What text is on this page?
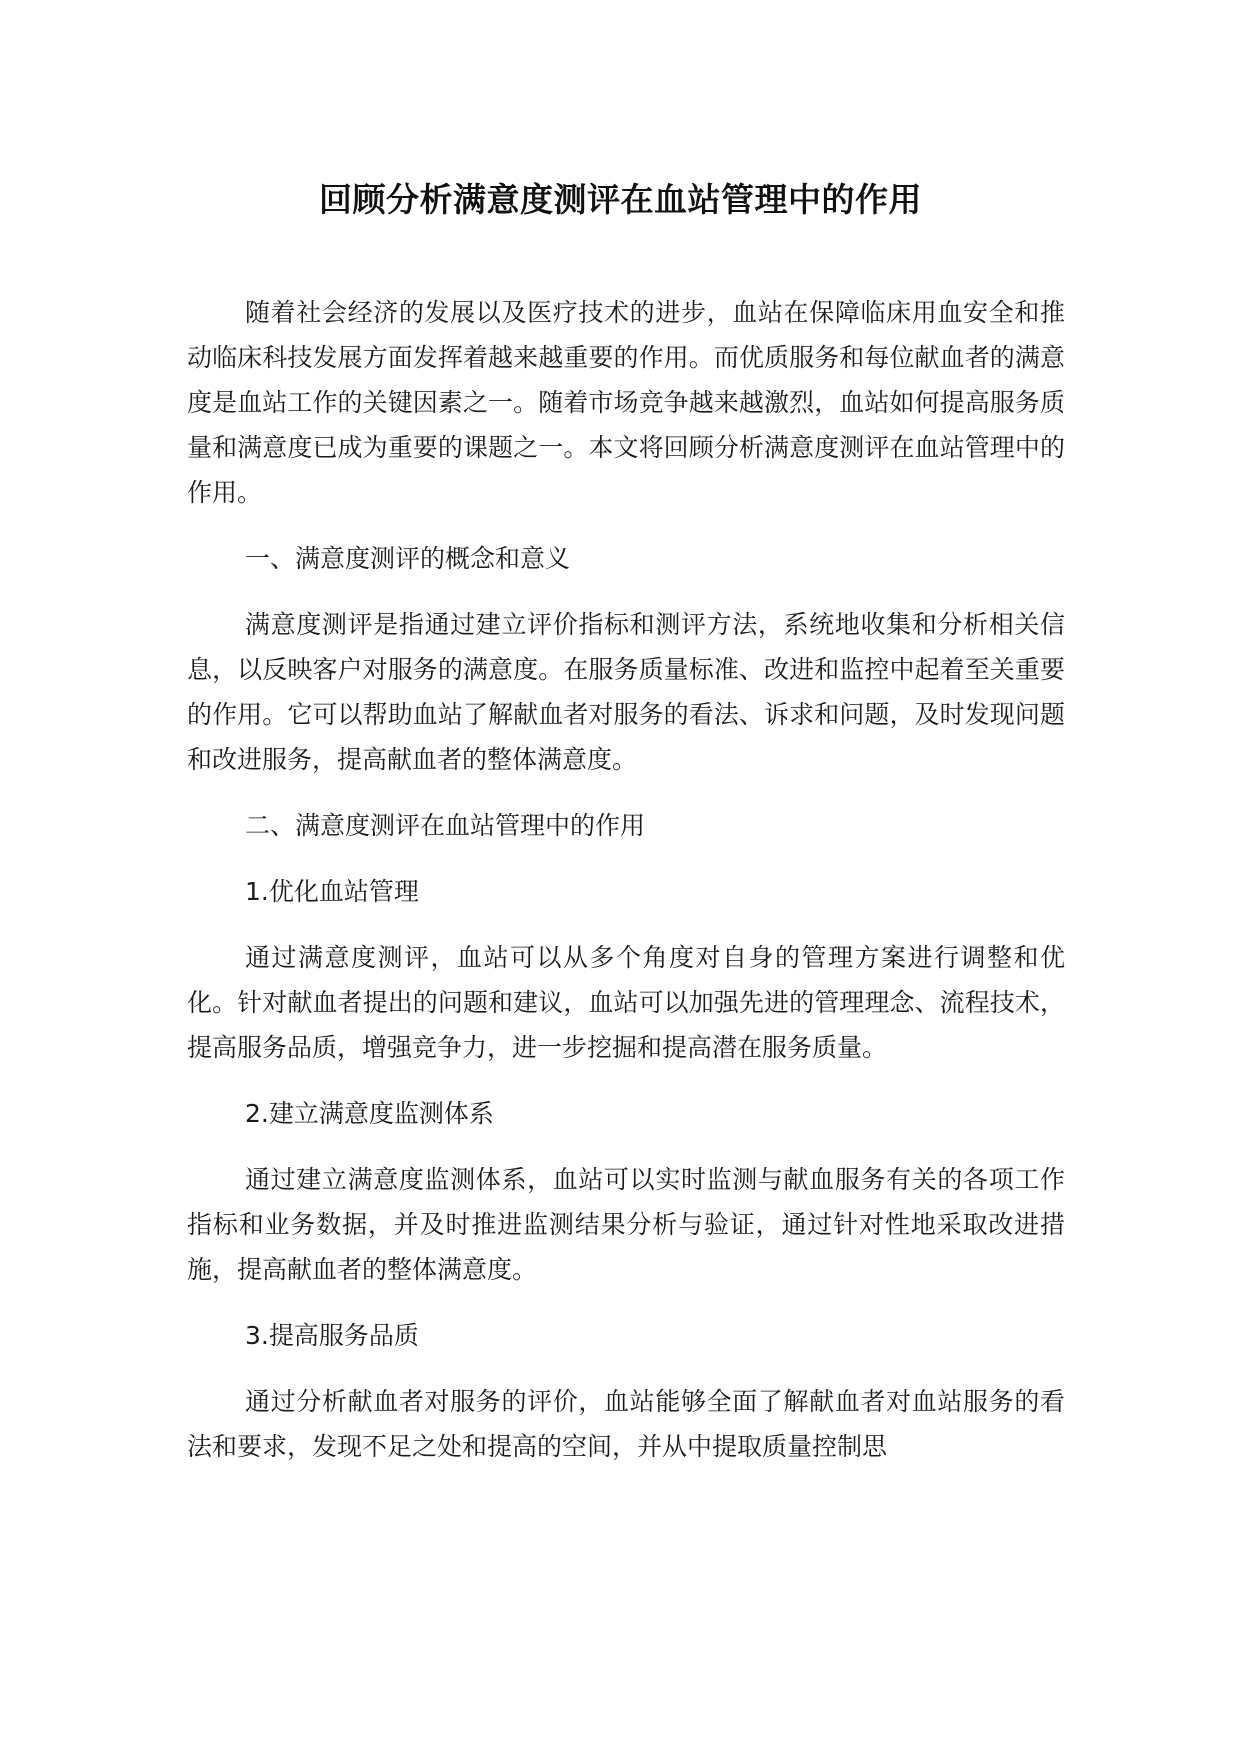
回顾分析满意度测评在血站管理中的作用

随着社会经济的发展以及医疗技术的进步，血站在保障临床用血安全和推动临床科技发展方面发挥着越来越重要的作用。而优质服务和每位献血者的满意度是血站工作的关键因素之一。随着市场竞争越来越激烈，血站如何提高服务质量和满意度已成为重要的课题之一。本文将回顾分析满意度测评在血站管理中的作用。

一、满意度测评的概念和意义

满意度测评是指通过建立评价指标和测评方法，系统地收集和分析相关信息，以反映客户对服务的满意度。在服务质量标准、改进和监控中起着至关重要的作用。它可以帮助血站了解献血者对服务的看法、诉求和问题，及时发现问题和改进服务，提高献血者的整体满意度。

二、满意度测评在血站管理中的作用

1.优化血站管理

通过满意度测评，血站可以从多个角度对自身的管理方案进行调整和优化。针对献血者提出的问题和建议，血站可以加强先进的管理理念、流程技术，提高服务品质，增强竞争力，进一步挖掘和提高潜在服务质量。

2.建立满意度监测体系

通过建立满意度监测体系，血站可以实时监测与献血服务有关的各项工作指标和业务数据，并及时推进监测结果分析与验证，通过针对性地采取改进措施，提高献血者的整体满意度。

3.提高服务品质

通过分析献血者对服务的评价，血站能够全面了解献血者对血站服务的看法和要求，发现不足之处和提高的空间，并从中提取质量控制思
